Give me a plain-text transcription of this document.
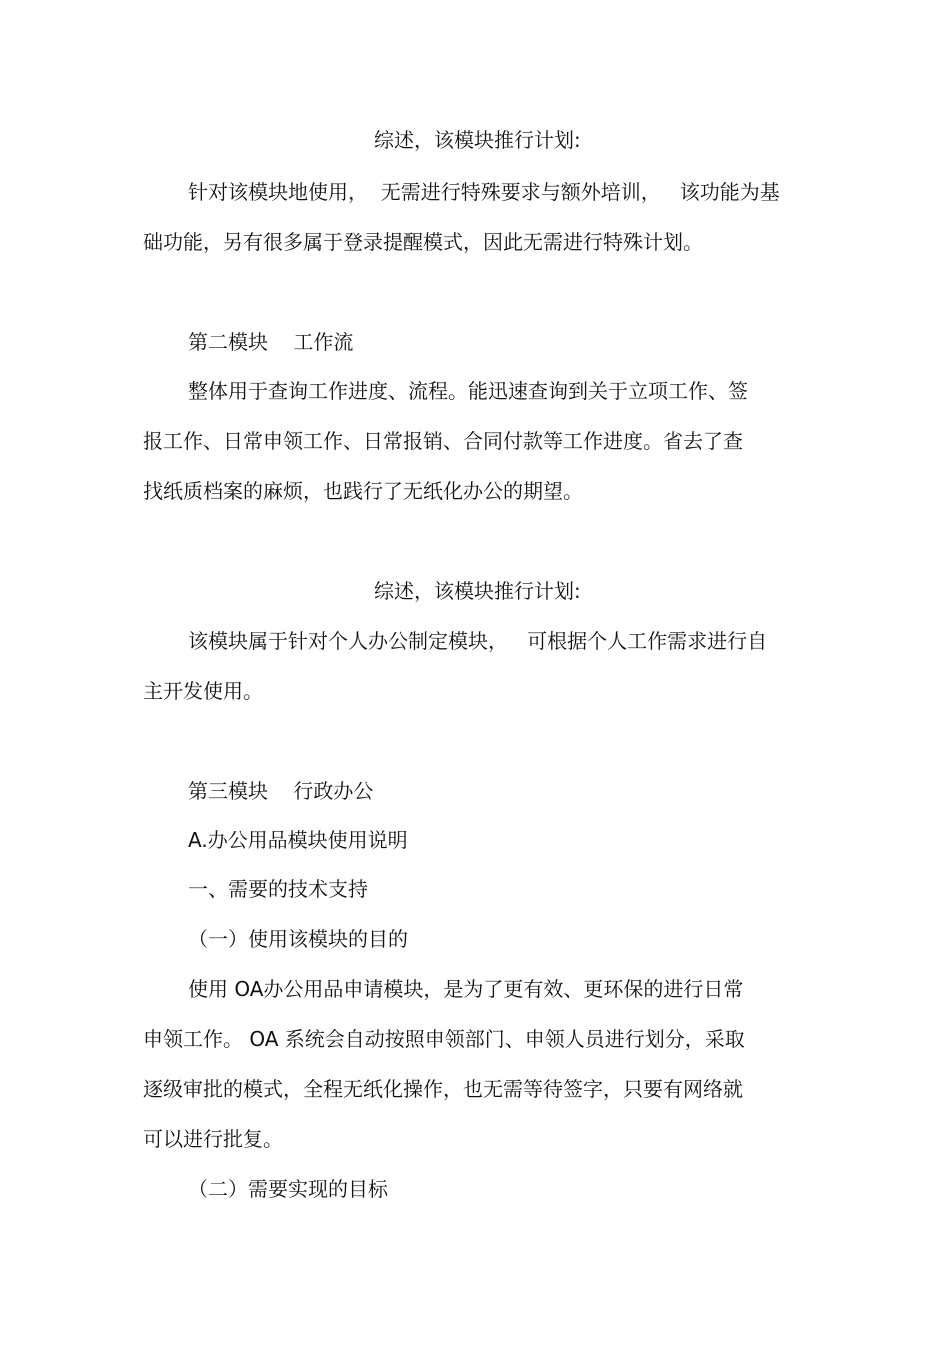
综述，该模块推行计划:

针对该模块地使用，  无需进行特殊要求与额外培训，   该功能为基

础功能，另有很多属于登录提醒模式，因此无需进行特殊计划。

第二模块    工作流

整体用于查询工作进度、流程。能迅速查询到关于立项工作、签

报工作、日常申领工作、日常报销、合同付款等工作进度。省去了查

找纸质档案的麻烦，也践行了无纸化办公的期望。

综述，该模块推行计划:

该模块属于针对个人办公制定模块，   可根据个人工作需求进行自

主开发使用。

第三模块    行政办公

A.办公用品模块使用说明

一、需要的技术支持

（一）使用该模块的目的

使用 OA办公用品申请模块，是为了更有效、更环保的进行日常

申领工作。 OA 系统会自动按照申领部门、申领人员进行划分，采取

逐级审批的模式，全程无纸化操作，也无需等待签字，只要有网络就

可以进行批复。

（二）需要实现的目标
